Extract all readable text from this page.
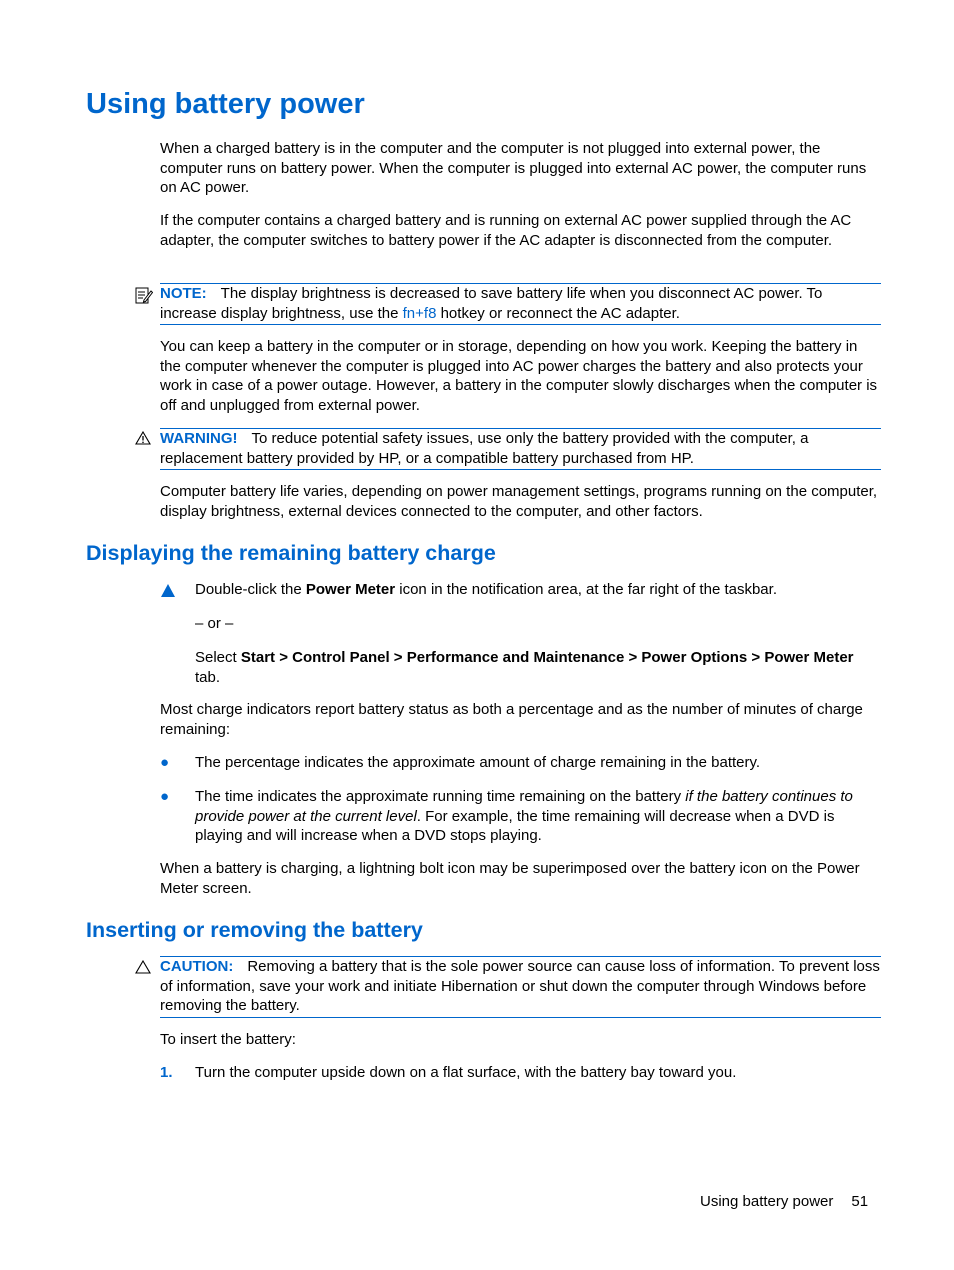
Using battery power

When a charged battery is in the computer and the computer is not plugged into external power, the computer runs on battery power. When the computer is plugged into external AC power, the computer runs on AC power.

If the computer contains a charged battery and is running on external AC power supplied through the AC adapter, the computer switches to battery power if the AC adapter is disconnected from the computer.

NOTE: The display brightness is decreased to save battery life when you disconnect AC power. To increase display brightness, use the fn+f8 hotkey or reconnect the AC adapter.

You can keep a battery in the computer or in storage, depending on how you work. Keeping the battery in the computer whenever the computer is plugged into AC power charges the battery and also protects your work in case of a power outage. However, a battery in the computer slowly discharges when the computer is off and unplugged from external power.

WARNING! To reduce potential safety issues, use only the battery provided with the computer, a replacement battery provided by HP, or a compatible battery purchased from HP.

Computer battery life varies, depending on power management settings, programs running on the computer, display brightness, external devices connected to the computer, and other factors.

Displaying the remaining battery charge

Double-click the Power Meter icon in the notification area, at the far right of the taskbar.

– or –

Select Start > Control Panel > Performance and Maintenance > Power Options > Power Meter tab.

Most charge indicators report battery status as both a percentage and as the number of minutes of charge remaining:

● The percentage indicates the approximate amount of charge remaining in the battery.

● The time indicates the approximate running time remaining on the battery if the battery continues to provide power at the current level. For example, the time remaining will decrease when a DVD is playing and will increase when a DVD stops playing.

When a battery is charging, a lightning bolt icon may be superimposed over the battery icon on the Power Meter screen.

Inserting or removing the battery
CAUTION: Removing a battery that is the sole power source can cause loss of information. To prevent loss of information, save your work and initiate Hibernation or shut down the computer through Windows before removing the battery.

To insert the battery:

1. Turn the computer upside down on a flat surface, with the battery bay toward you.

Using battery power 51
